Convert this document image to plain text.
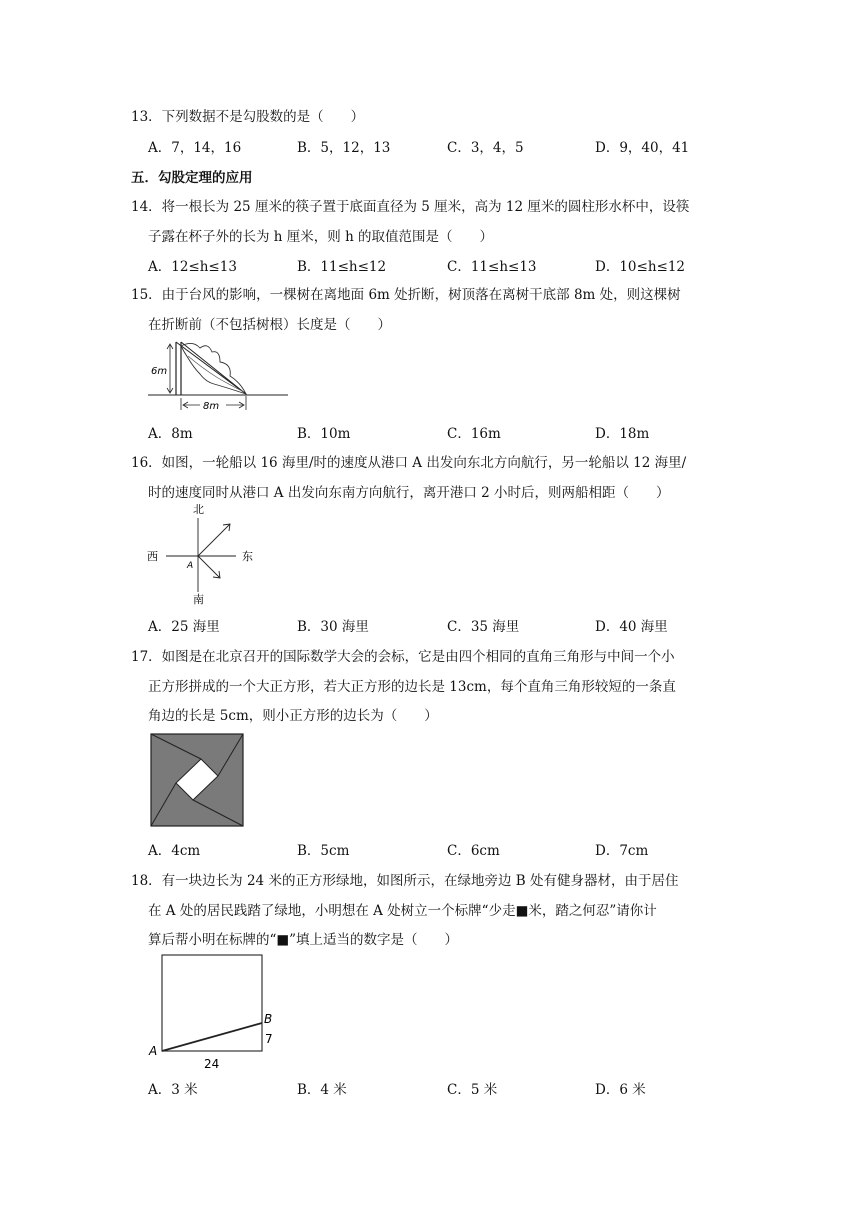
13．下列数据不是勾股数的是（　　）
A．7，14，16	B．5，12，13	C．3，4，5	D．9，40，41
五．勾股定理的应用
14．将一根长为 25 厘米的筷子置于底面直径为 5 厘米，高为 12 厘米的圆柱形水杯中，设筷
子露在杯子外的长为 h 厘米，则 h 的取值范围是（　　）
A．12≤h≤13	B．11≤h≤12	C．11≤h≤13	D．10≤h≤12
15．由于台风的影响，一棵树在离地面 6m 处折断，树顶落在离树干底部 8m 处，则这棵树
在折断前（不包括树根）长度是（　　）
6m
8m
A．8m	B．10m	C．16m	D．18m
16．如图，一轮船以 16 海里/时的速度从港口 A 出发向东北方向航行，另一轮船以 12 海里/
时的速度同时从港口 A 出发向东南方向航行，离开港口 2 小时后，则两船相距（　　）
北
西	东
南
A
A．25 海里	B．30 海里	C．35 海里	D．40 海里
17．如图是在北京召开的国际数学大会的会标，它是由四个相同的直角三角形与中间一个小
正方形拼成的一个大正方形，若大正方形的边长是 13cm，每个直角三角形较短的一条直
角边的长是 5cm，则小正方形的边长为（　　）
A．4cm	B．5cm	C．6cm	D．7cm
18．有一块边长为 24 米的正方形绿地，如图所示，在绿地旁边 B 处有健身器材，由于居住
在 A 处的居民践踏了绿地，小明想在 A 处树立一个标牌“少走■米，踏之何忍”请你计
算后帮小明在标牌的“■”填上适当的数字是（　　）
A
B
7
24
A．3 米	B．4 米	C．5 米	D．6 米
